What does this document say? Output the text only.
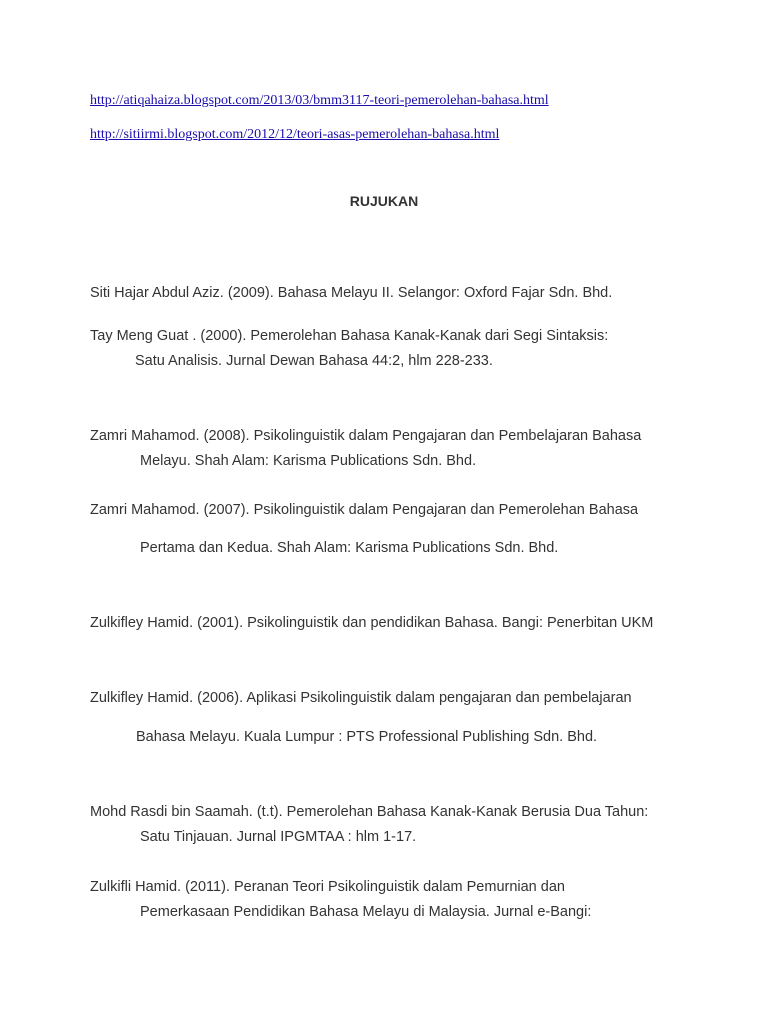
http://atiqahaiza.blogspot.com/2013/03/bmm3117-teori-pemerolehan-bahasa.html
http://sitiirmi.blogspot.com/2012/12/teori-asas-pemerolehan-bahasa.html
RUJUKAN
Siti Hajar Abdul Aziz. (2009). Bahasa Melayu II. Selangor: Oxford Fajar Sdn. Bhd.
Tay Meng Guat . (2000). Pemerolehan Bahasa Kanak-Kanak dari Segi Sintaksis:
Satu Analisis. Jurnal Dewan Bahasa 44:2, hlm 228-233.
Zamri Mahamod. (2008). Psikolinguistik dalam Pengajaran dan Pembelajaran Bahasa
Melayu. Shah Alam: Karisma Publications Sdn. Bhd.
Zamri Mahamod. (2007). Psikolinguistik dalam Pengajaran dan Pemerolehan Bahasa
Pertama dan Kedua. Shah Alam: Karisma Publications Sdn. Bhd.
Zulkifley Hamid. (2001). Psikolinguistik dan pendidikan Bahasa. Bangi: Penerbitan UKM
Zulkifley Hamid. (2006). Aplikasi Psikolinguistik dalam pengajaran dan pembelajaran
Bahasa Melayu. Kuala Lumpur : PTS Professional Publishing Sdn. Bhd.
Mohd Rasdi bin Saamah. (t.t). Pemerolehan Bahasa Kanak-Kanak Berusia Dua Tahun:
Satu Tinjauan. Jurnal IPGMTAA : hlm 1-17.
Zulkifli Hamid. (2011). Peranan Teori Psikolinguistik dalam Pemurnian dan
Pemerkasaan Pendidikan Bahasa Melayu di Malaysia. Jurnal e-Bangi:
